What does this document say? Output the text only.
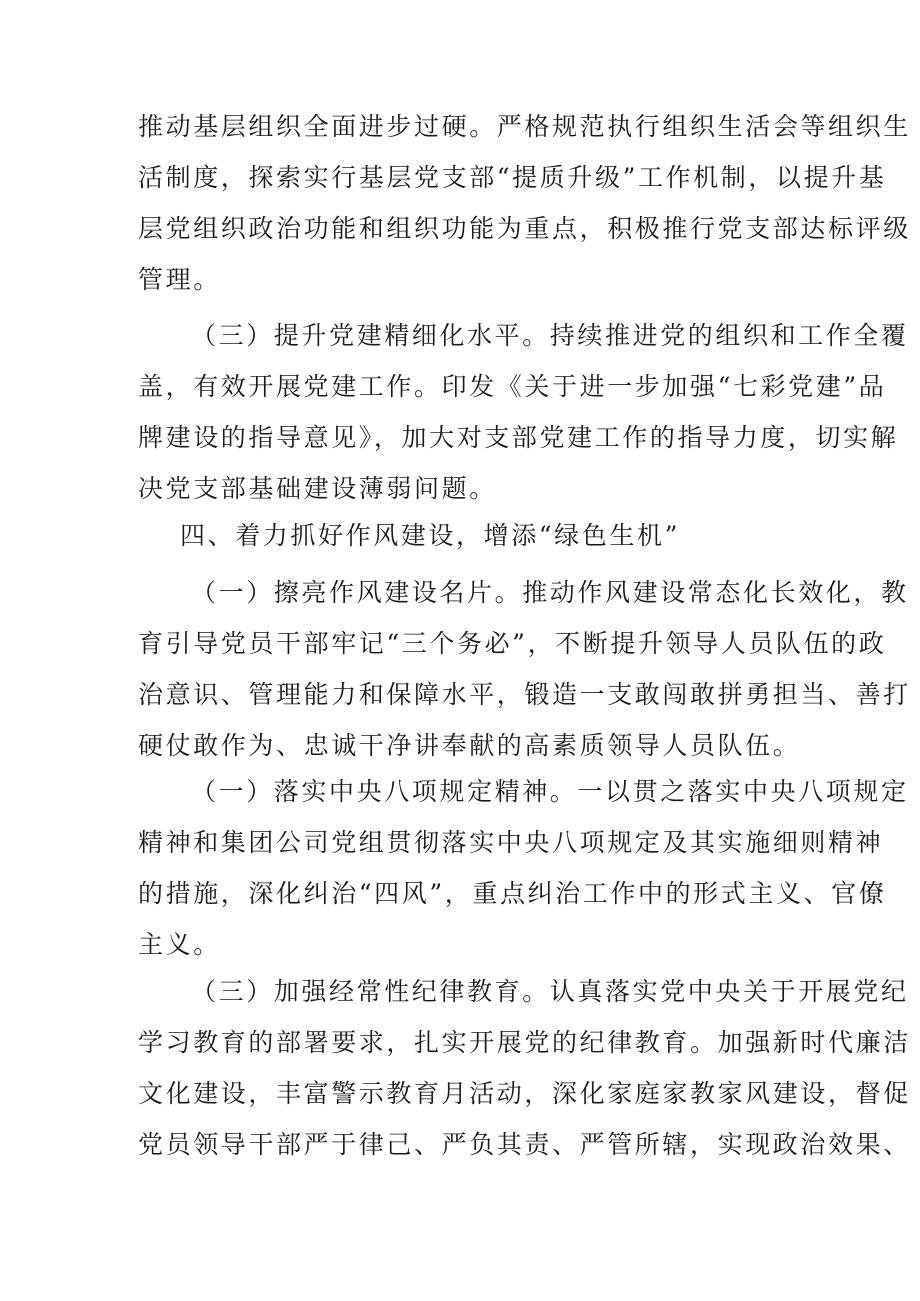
推动基层组织全面进步过硬。严格规范执行组织生活会等组织生
活制度，探索实行基层党支部“提质升级”工作机制，以提升基
层党组织政治功能和组织功能为重点，积极推行党支部达标评级
管理。
（三）提升党建精细化水平。持续推进党的组织和工作全覆
盖，有效开展党建工作。印发《关于进一步加强“七彩党建”品
牌建设的指导意见》，加大对支部党建工作的指导力度，切实解
决党支部基础建设薄弱问题。
四、着力抓好作风建设，增添“绿色生机”
（一）擦亮作风建设名片。推动作风建设常态化长效化，教
育引导党员干部牢记“三个务必”，不断提升领导人员队伍的政
治意识、管理能力和保障水平，锻造一支敢闯敢拼勇担当、善打
硬仗敢作为、忠诚干净讲奉献的高素质领导人员队伍。
（一）落实中央八项规定精神。一以贯之落实中央八项规定
精神和集团公司党组贯彻落实中央八项规定及其实施细则精神
的措施，深化纠治“四风”，重点纠治工作中的形式主义、官僚
主义。
（三）加强经常性纪律教育。认真落实党中央关于开展党纪
学习教育的部署要求，扎实开展党的纪律教育。加强新时代廉洁
文化建设，丰富警示教育月活动，深化家庭家教家风建设，督促
党员领导干部严于律己、严负其责、严管所辖，实现政治效果、
